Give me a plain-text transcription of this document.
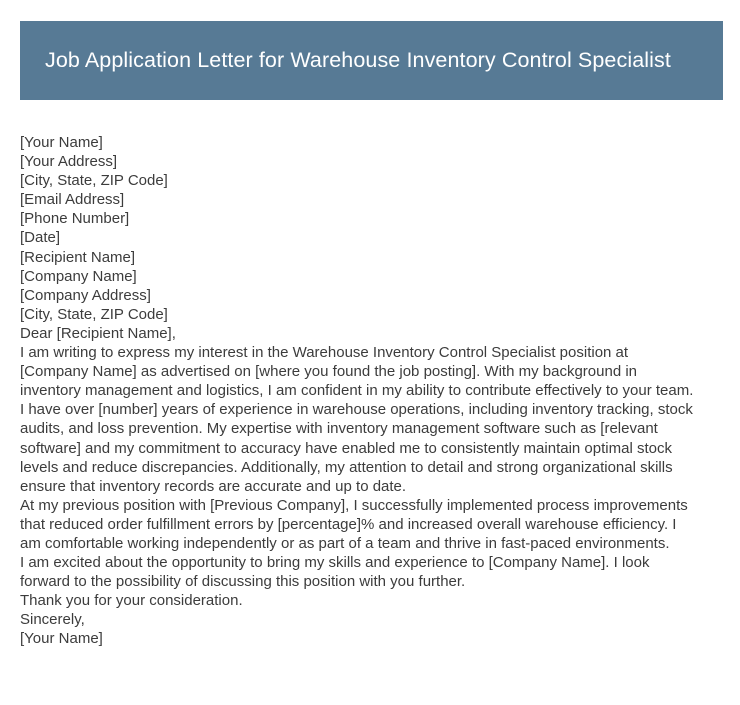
Job Application Letter for Warehouse Inventory Control Specialist

[Your Name]

[Your Address]

[City, State, ZIP Code]

[Email Address]

[Phone Number]

[Date]

[Recipient Name]

[Company Name]

[Company Address]

[City, State, ZIP Code]

Dear [Recipient Name],

I am writing to express my interest in the Warehouse Inventory Control Specialist position at [Company Name] as advertised on [where you found the job posting]. With my background in inventory management and logistics, I am confident in my ability to contribute effectively to your team.

I have over [number] years of experience in warehouse operations, including inventory tracking, stock audits, and loss prevention. My expertise with inventory management software such as [relevant software] and my commitment to accuracy have enabled me to consistently maintain optimal stock levels and reduce discrepancies. Additionally, my attention to detail and strong organizational skills ensure that inventory records are accurate and up to date.

At my previous position with [Previous Company], I successfully implemented process improvements that reduced order fulfillment errors by [percentage]% and increased overall warehouse efficiency. I am comfortable working independently or as part of a team and thrive in fast-paced environments.

I am excited about the opportunity to bring my skills and experience to [Company Name]. I look forward to the possibility of discussing this position with you further.

Thank you for your consideration.

Sincerely,

[Your Name]
